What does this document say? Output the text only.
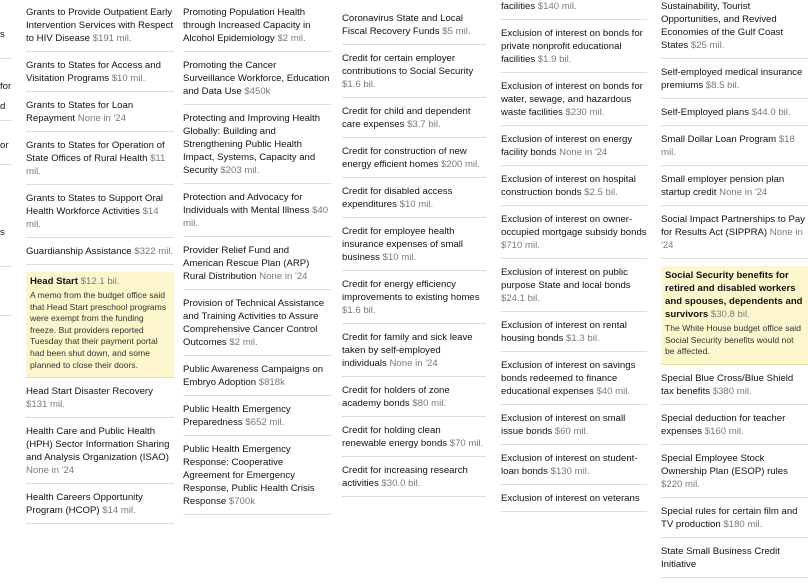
s
for
d
or
s
Grants to Provide Outpatient Early Intervention Services with Respect to HIV Disease $191 mil.
Grants to States for Access and Visitation Programs $10 mil.
Grants to States for Loan Repayment None in '24
Grants to States for Operation of State Offices of Rural Health $11 mil.
Grants to States to Support Oral Health Workforce Activities $14 mil.
Guardianship Assistance $322 mil.
Head Start $12.1 bil.
A memo from the budget office said that Head Start preschool programs were exempt from the funding freeze. But providers reported Tuesday that their payment portal had been shut down, and some planned to close their doors.
Head Start Disaster Recovery $131 mil.
Health Care and Public Health (HPH) Sector Information Sharing and Analysis Organization (ISAO) None in '24
Health Careers Opportunity Program (HCOP) $14 mil.
Promoting Population Health through Increased Capacity in Alcohol Epidemiology $2 mil.
Promoting the Cancer Surveillance Workforce, Education and Data Use $450k
Protecting and Improving Health Globally: Building and Strengthening Public Health Impact, Systems, Capacity and Security $203 mil.
Protection and Advocacy for Individuals with Mental Illness $40 mil.
Provider Relief Fund and American Rescue Plan (ARP) Rural Distribution None in '24
Provision of Technical Assistance and Training Activities to Assure Comprehensive Cancer Control Outcomes $2 mil.
Public Awareness Campaigns on Embryo Adoption $818k
Public Health Emergency Preparedness $652 mil.
Public Health Emergency Response: Cooperative Agreement for Emergency Response, Public Health Crisis Response $700k
Coronavirus State and Local Fiscal Recovery Funds $5 mil.
Credit for certain employer contributions to Social Security $1.6 bil.
Credit for child and dependent care expenses $3.7 bil.
Credit for construction of new energy efficient homes $200 mil.
Credit for disabled access expenditures $10 mil.
Credit for employee health insurance expenses of small business $10 mil.
Credit for energy efficiency improvements to existing homes $1.6 bil.
Credit for family and sick leave taken by self-employed individuals None in '24
Credit for holders of zone academy bonds $80 mil.
Credit for holding clean renewable energy bonds $70 mil.
Credit for increasing research activities $30.0 bil.
facilities $140 mil.
Exclusion of interest on bonds for private nonprofit educational facilities $1.9 bil.
Exclusion of interest on bonds for water, sewage, and hazardous waste facilities $230 mil.
Exclusion of interest on energy facility bonds None in '24
Exclusion of interest on hospital construction bonds $2.5 bil.
Exclusion of interest on owner-occupied mortgage subsidy bonds $710 mil.
Exclusion of interest on public purpose State and local bonds $24.1 bil.
Exclusion of interest on rental housing bonds $1.3 bil.
Exclusion of interest on savings bonds redeemed to finance educational expenses $40 mil.
Exclusion of interest on small issue bonds $60 mil.
Exclusion of interest on student-loan bonds $130 mil.
Exclusion of interest on veterans
Sustainability, Tourist Opportunities, and Revived Economies of the Gulf Coast States $25 mil.
Self-employed medical insurance premiums $8.5 bil.
Self-Employed plans $44.0 bil.
Small Dollar Loan Program $18 mil.
Small employer pension plan startup credit None in '24
Social Impact Partnerships to Pay for Results Act (SIPPRA) None in '24
Social Security benefits for retired and disabled workers and spouses, dependents and survivors $30.8 bil.
The White House budget office said Social Security benefits would not be affected.
Special Blue Cross/Blue Shield tax benefits $380 mil.
Special deduction for teacher expenses $160 mil.
Special Employee Stock Ownership Plan (ESOP) rules $220 mil.
Special rules for certain film and TV production $180 mil.
State Small Business Credit Initiative
